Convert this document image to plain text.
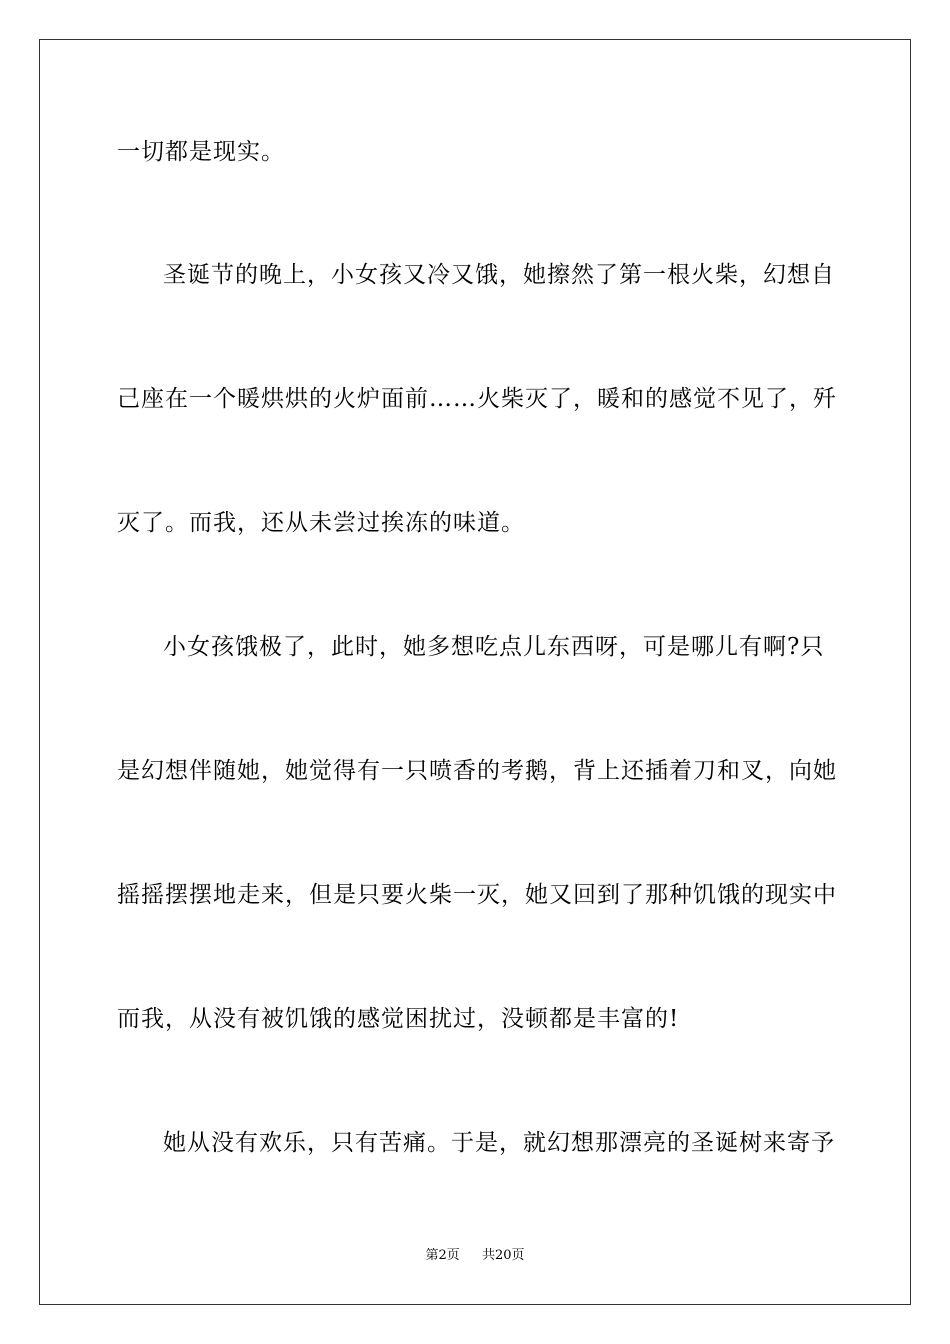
一切都是现实。
圣诞节的晚上，小女孩又冷又饿，她擦然了第一根火柴，幻想自
己座在一个暖烘烘的火炉面前……火柴灭了，暖和的感觉不见了，歼
灭了。而我，还从未尝过挨冻的味道。
小女孩饿极了，此时，她多想吃点儿东西呀，可是哪儿有啊?只
是幻想伴随她，她觉得有一只喷香的考鹅，背上还插着刀和叉，向她
摇摇摆摆地走来，但是只要火柴一灭，她又回到了那种饥饿的现实中
而我，从没有被饥饿的感觉困扰过，没顿都是丰富的!
她从没有欢乐，只有苦痛。于是，就幻想那漂亮的圣诞树来寄予
第2页 共20页
